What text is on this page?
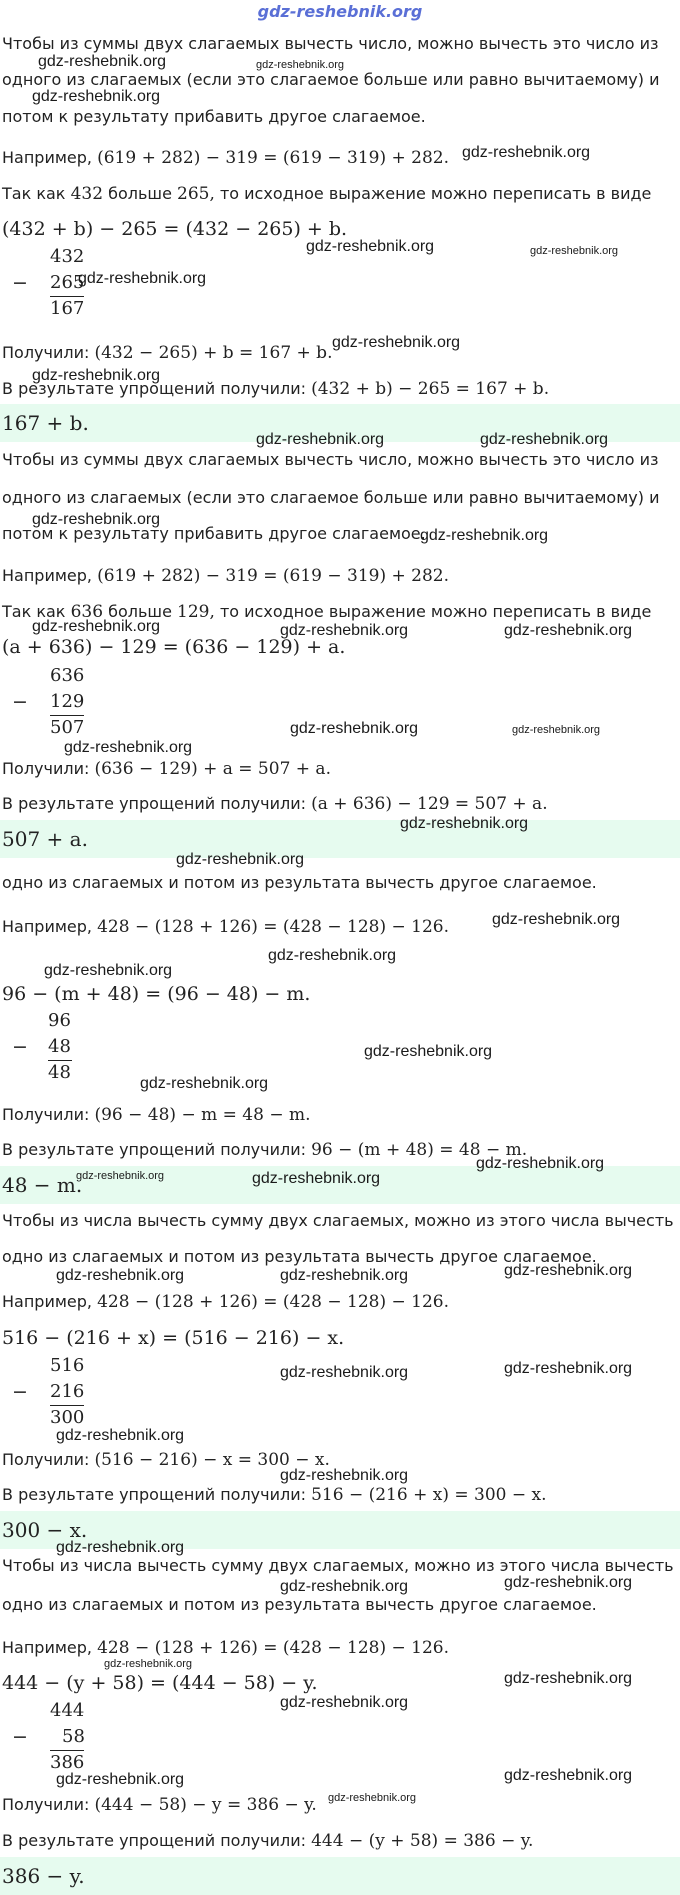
gdz-reshebnik.org
Чтобы из суммы двух слагаемых вычесть число, можно вычесть это число из
одного из слагаемых (если это слагаемое больше или равно вычитаемому) и
потом к результату прибавить другое слагаемое.
Например, (619 + 282) − 319 = (619 − 319) + 282.
Так как 432 больше 265, то исходное выражение можно переписать в виде
(432 + b) − 265 = (432 − 265) + b.
432
− 265
167
Получили: (432 − 265) + b = 167 + b.
В результате упрощений получили: (432 + b) − 265 = 167 + b.
167 + b.
Чтобы из суммы двух слагаемых вычесть число, можно вычесть это число из
одного из слагаемых (если это слагаемое больше или равно вычитаемому) и
потом к результату прибавить другое слагаемое.
Например, (619 + 282) − 319 = (619 − 319) + 282.
Так как 636 больше 129, то исходное выражение можно переписать в виде
(a + 636) − 129 = (636 − 129) + a.
636
− 129
507
Получили: (636 − 129) + a = 507 + a.
В результате упрощений получили: (a + 636) − 129 = 507 + a.
507 + a.
одно из слагаемых и потом из результата вычесть другое слагаемое.
Например, 428 − (128 + 126) = (428 − 128) − 126.
96 − (m + 48) = (96 − 48) − m.
96
− 48
48
Получили: (96 − 48) − m = 48 − m.
В результате упрощений получили: 96 − (m + 48) = 48 − m.
48 − m.
Чтобы из числа вычесть сумму двух слагаемых, можно из этого числа вычесть
одно из слагаемых и потом из результата вычесть другое слагаемое.
Например, 428 − (128 + 126) = (428 − 128) − 126.
516 − (216 + x) = (516 − 216) − x.
516
− 216
300
Получили: (516 − 216) − x = 300 − x.
В результате упрощений получили: 516 − (216 + x) = 300 − x.
300 − x.
Чтобы из числа вычесть сумму двух слагаемых, можно из этого числа вычесть
одно из слагаемых и потом из результата вычесть другое слагаемое.
Например, 428 − (128 + 126) = (428 − 128) − 126.
444 − (y + 58) = (444 − 58) − y.
444
− 58
386
Получили: (444 − 58) − y = 386 − y.
В результате упрощений получили: 444 − (y + 58) = 386 − y.
386 − y.
gdz-reshebnik.org	gdz-reshebnik.org
gdz-reshebnik.org
gdz-reshebnik.org
gdz-reshebnik.org	gdz-reshebnik.org
gdz-reshebnik.org
gdz-reshebnik.org
gdz-reshebnik.org
gdz-reshebnik.org	gdz-reshebnik.org
gdz-reshebnik.org
gdz-reshebnik.org
gdz-reshebnik.org	gdz-reshebnik.org	gdz-reshebnik.org
gdz-reshebnik.org	gdz-reshebnik.org
gdz-reshebnik.org
gdz-reshebnik.org
gdz-reshebnik.org
gdz-reshebnik.org
gdz-reshebnik.org
gdz-reshebnik.org
gdz-reshebnik.org
gdz-reshebnik.org
gdz-reshebnik.org
gdz-reshebnik.org	gdz-reshebnik.org
gdz-reshebnik.org	gdz-reshebnik.org	gdz-reshebnik.org
gdz-reshebnik.org	gdz-reshebnik.org
gdz-reshebnik.org
gdz-reshebnik.org
gdz-reshebnik.org
gdz-reshebnik.org	gdz-reshebnik.org
gdz-reshebnik.org
gdz-reshebnik.org
gdz-reshebnik.org
gdz-reshebnik.org	gdz-reshebnik.org
gdz-reshebnik.org
